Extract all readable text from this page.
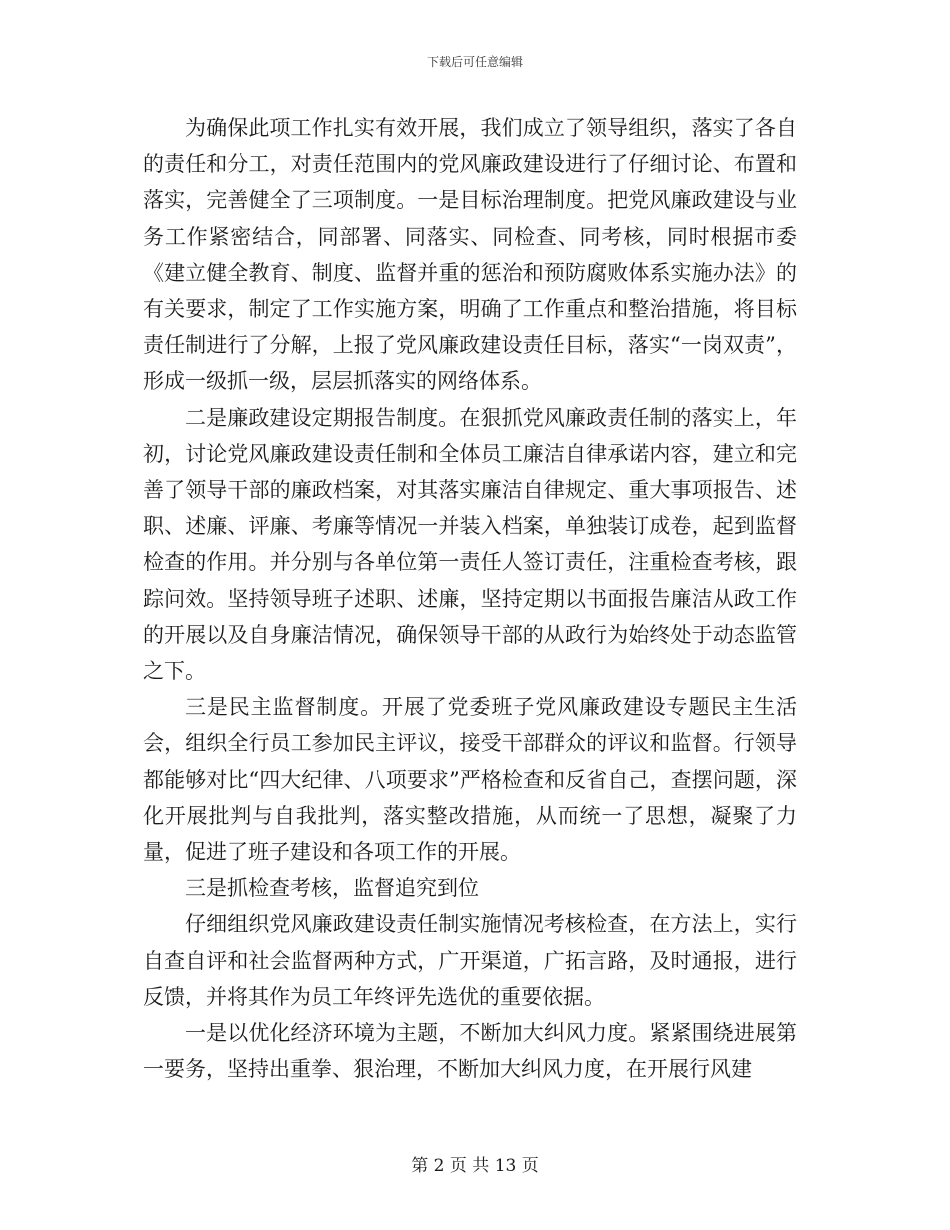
下载后可任意编辑

为确保此项工作扎实有效开展，我们成立了领导组织，落实了各自的责任和分工，对责任范围内的党风廉政建设进行了仔细讨论、布置和落实，完善健全了三项制度。一是目标治理制度。把党风廉政建设与业务工作紧密结合，同部署、同落实、同检查、同考核，同时根据市委《建立健全教育、制度、监督并重的惩治和预防腐败体系实施办法》的有关要求，制定了工作实施方案，明确了工作重点和整治措施，将目标责任制进行了分解，上报了党风廉政建设责任目标，落实“一岗双责”，形成一级抓一级，层层抓落实的网络体系。

二是廉政建设定期报告制度。在狠抓党风廉政责任制的落实上，年初，讨论党风廉政建设责任制和全体员工廉洁自律承诺内容，建立和完善了领导干部的廉政档案，对其落实廉洁自律规定、重大事项报告、述职、述廉、评廉、考廉等情况一并装入档案，单独装订成卷，起到监督检查的作用。并分别与各单位第一责任人签订责任，注重检查考核，跟踪问效。坚持领导班子述职、述廉，坚持定期以书面报告廉洁从政工作的开展以及自身廉洁情况，确保领导干部的从政行为始终处于动态监管之下。

三是民主监督制度。开展了党委班子党风廉政建设专题民主生活会，组织全行员工参加民主评议，接受干部群众的评议和监督。行领导都能够对比“四大纪律、八项要求”严格检查和反省自己，查摆问题，深化开展批判与自我批判，落实整改措施，从而统一了思想，凝聚了力量，促进了班子建设和各项工作的开展。

三是抓检查考核，监督追究到位

仔细组织党风廉政建设责任制实施情况考核检查，在方法上，实行自查自评和社会监督两种方式，广开渠道，广拓言路，及时通报，进行反馈，并将其作为员工年终评先选优的重要依据。

一是以优化经济环境为主题，不断加大纠风力度。紧紧围绕进展第一要务，坚持出重拳、狠治理，不断加大纠风力度，在开展行风建

第 2 页 共 13 页
